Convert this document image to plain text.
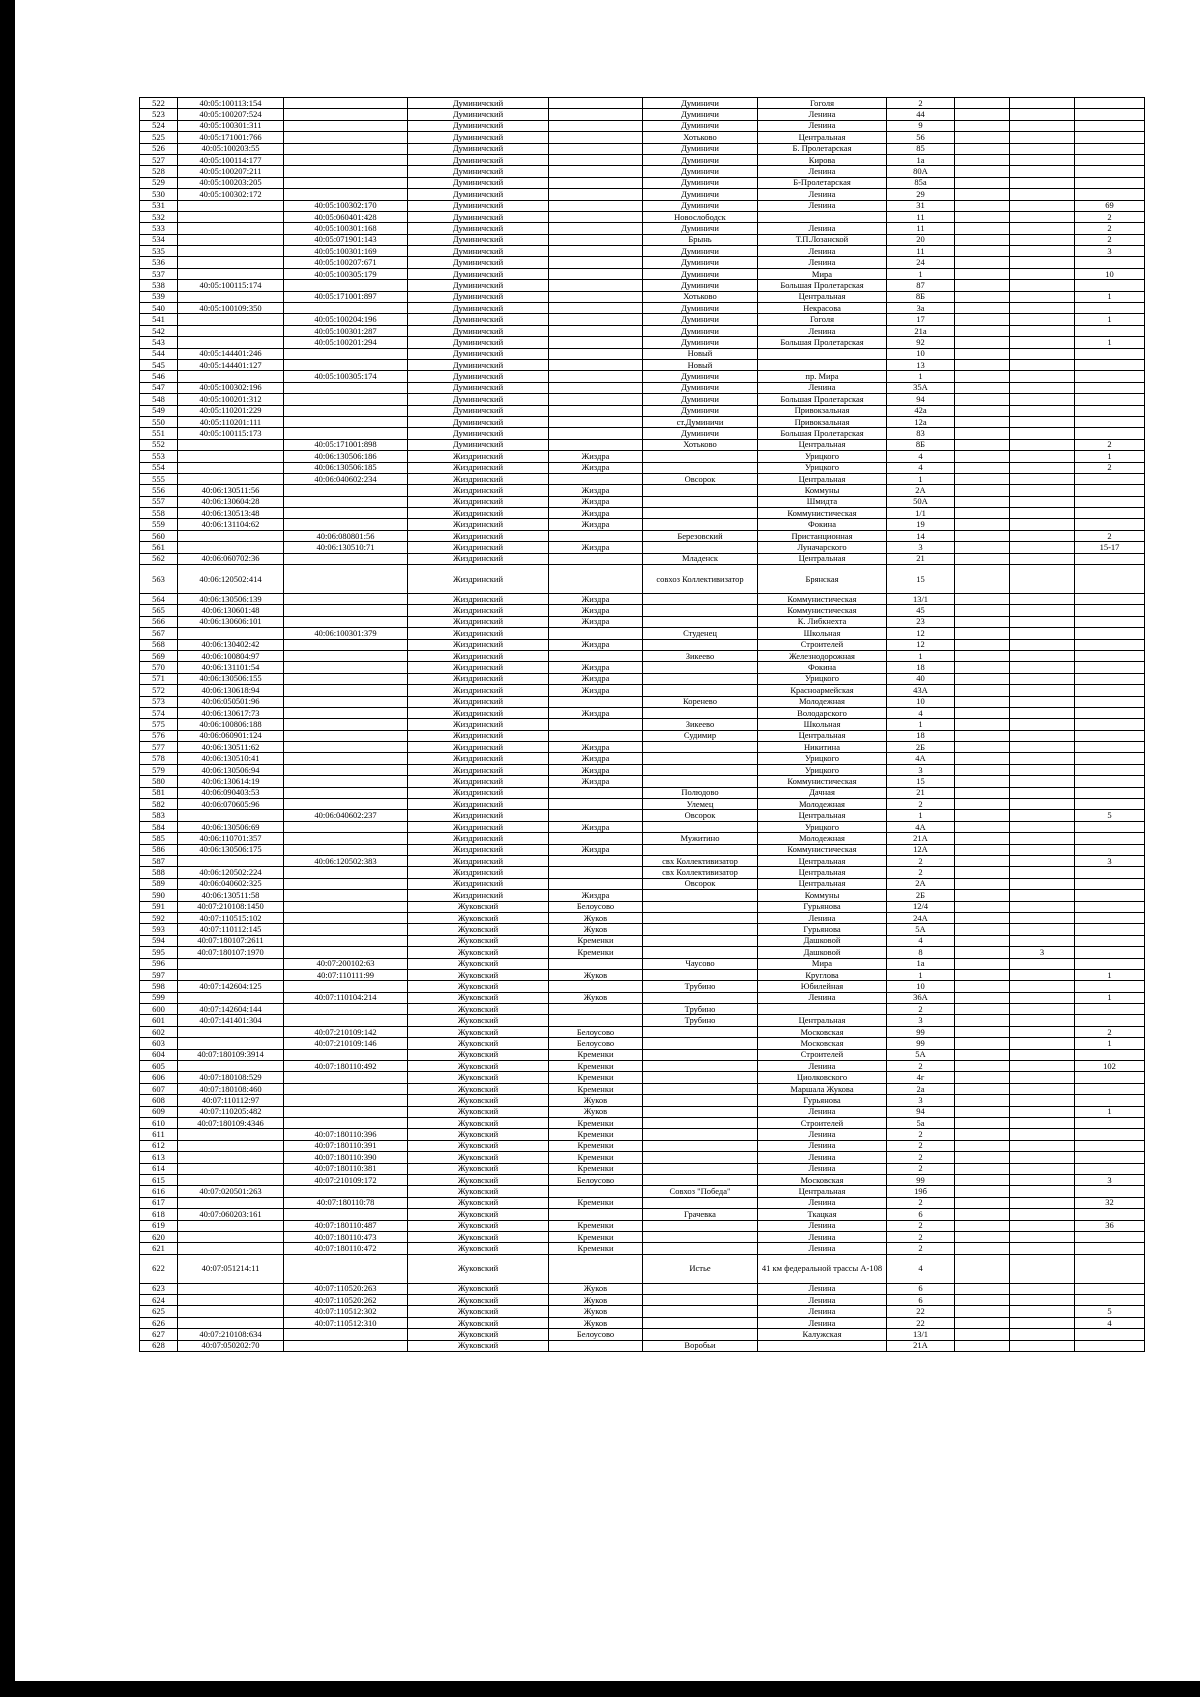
522	40:05:100113:154		Думиничский		Думиничи	Гоголя	2			
523	40:05:100207:524		Думиничский		Думиничи	Ленина	44			
524	40:05:100301:311		Думиничский		Думиничи	Ленина	9			
525	40:05:171001:766		Думиничский		Хотьково	Центральная	56			
526	40:05:100203:55		Думиничский		Думиничи	Б. Пролетарская	85			
527	40:05:100114:177		Думиничский		Думиничи	Кирова	1а			
528	40:05:100207:211		Думиничский		Думиничи	Ленина	80А			
529	40:05:100203:205		Думиничский		Думиничи	Б-Пролетарская	85а			
530	40:05:100302:172		Думиничский		Думиничи	Ленина	29			
531		40:05:100302:170	Думиничский		Думиничи	Ленина	31			69
532		40:05:060401:428	Думиничский		Новослободск		11			2
533		40:05:100301:168	Думиничский		Думиничи	Ленина	11			2
534		40:05:071901:143	Думиничский		Брынь	Т.П.Лозанской	20			2
535		40:05:100301:169	Думиничский		Думиничи	Ленина	11			3
536		40:05:100207:671	Думиничский		Думиничи	Ленина	24			
537		40:05:100305:179	Думиничский		Думиничи	Мира	1			10
538	40:05:100115:174		Думиничский		Думиничи	Большая Пролетарская	87			
539		40:05:171001:897	Думиничский		Хотьково	Центральная	8Б			1
540	40:05:100109:350		Думиничский		Думиничи	Некрасова	3а			
541		40:05:100204:196	Думиничский		Думиничи	Гоголя	17			1
542		40:05:100301:287	Думиничский		Думиничи	Ленина	21а			
543		40:05:100201:294	Думиничский		Думиничи	Большая Пролетарская	92			1
544	40:05:144401:246		Думиничский		Новый		10			
545	40:05:144401:127		Думиничский		Новый		13			
546		40:05:100305:174	Думиничский		Думиничи	пр. Мира	1			
547	40:05:100302:196		Думиничский		Думиничи	Ленина	35А			
548	40:05:100201:312		Думиничский		Думиничи	Большая Пролетарская	94			
549	40:05:110201:229		Думиничский		Думиничи	Привокзальная	42а			
550	40:05:110201:111		Думиничский		ст.Думиничи	Привокзальная	12а			
551	40:05:100115:173		Думиничский		Думиничи	Большая Пролетарская	83			
552		40:05:171001:898	Думиничский		Хотьково	Центральная	8Б			2
553		40:06:130506:186	Жиздринский	Жиздра		Урицкого	4			1
554		40:06:130506:185	Жиздринский	Жиздра		Урицкого	4			2
555		40:06:040602:234	Жиздринский		Овсорок	Центральная	1			
556	40:06:130511:56		Жиздринский	Жиздра		Коммуны	2А			
557	40:06:130604:28		Жиздринский	Жиздра		Шмидта	50А			
558	40:06:130513:48		Жиздринский	Жиздра		Коммунистическая	1/1			
559	40:06:131104:62		Жиздринский	Жиздра		Фокина	19			
560		40:06:080801:56	Жиздринский		Березовский	Пристанционная	14			2
561		40:06:130510:71	Жиздринский	Жиздра		Луначарского	3			15-17
562	40:06:060702:36		Жиздринский		Младенск	Центральная	21			
563	40:06:120502:414		Жиздринский		совхоз Коллективизатор	Брянская	15			
564	40:06:130506:139		Жиздринский	Жиздра		Коммунистическая	13/1			
565	40:06:130601:48		Жиздринский	Жиздра		Коммунистическая	45			
566	40:06:130606:101		Жиздринский	Жиздра		К. Либкнехта	23			
567		40:06:100301:379	Жиздринский		Студенец	Школьная	12			
568	40:06:130402:42		Жиздринский	Жиздра		Строителей	12			
569	40:06:100804:97		Жиздринский		Зикеево	Железнодорожная	1			
570	40:06:131101:54		Жиздринский	Жиздра		Фокина	18			
571	40:06:130506:155		Жиздринский	Жиздра		Урицкого	40			
572	40:06:130618:94		Жиздринский	Жиздра		Красноармейская	43А			
573	40:06:050501:96		Жиздринский		Коренево	Молодежная	10			
574	40:06:130617:73		Жиздринский	Жиздра		Володарского	4			
575	40:06:100806:188		Жиздринский		Зикеево	Школьная	1			
576	40:06:060901:124		Жиздринский		Судимир	Центральная	18			
577	40:06:130511:62		Жиздринский	Жиздра		Никитина	2Б			
578	40:06:130510:41		Жиздринский	Жиздра		Урицкого	4А			
579	40:06:130506:94		Жиздринский	Жиздра		Урицкого	3			
580	40:06:130614:19		Жиздринский	Жиздра		Коммунистическая	15			
581	40:06:090403:53		Жиздринский		Полюдово	Дачная	21			
582	40:06:070605:96		Жиздринский		Улемец	Молодежная	2			
583		40:06:040602:237	Жиздринский		Овсорок	Центральная	1			5
584	40:06:130506:69		Жиздринский	Жиздра		Урицкого	4А			
585	40:06:110701:357		Жиздринский		Мужитино	Молодежная	21А			
586	40:06:130506:175		Жиздринский	Жиздра		Коммунистическая	12А			
587		40:06:120502:383	Жиздринский		свх Коллективизатор	Центральная	2			3
588	40:06:120502:224		Жиздринский		свх Коллективизатор	Центральная	2			
589	40:06:040602:325		Жиздринский		Овсорок	Центральная	2А			
590	40:06:130511:58		Жиздринский	Жиздра		Коммуны	2Б			
591	40:07:210108:1450		Жуковский	Белоусово		Гурьянова	12/4			
592	40:07:110515:102		Жуковский	Жуков		Ленина	24А			
593	40:07:110112:145		Жуковский	Жуков		Гурьянова	5А			
594	40:07:180107:2611		Жуковский	Кременки		Дашковой	4			
595	40:07:180107:1970		Жуковский	Кременки		Дашковой	8		3	
596		40:07:200102:63	Жуковский		Чаусово	Мира	1а			
597		40:07:110111:99	Жуковский	Жуков		Круглова	1			1
598	40:07:142604:125		Жуковский		Трубино	Юбилейная	10			
599		40:07:110104:214	Жуковский	Жуков		Ленина	36А			1
600	40:07:142604:144		Жуковский		Трубино		2			
601	40:07:141401:304		Жуковский		Трубино	Центральная	3			
602		40:07:210109:142	Жуковский	Белоусово		Московская	99			2
603		40:07:210109:146	Жуковский	Белоусово		Московская	99			1
604	40:07:180109:3914		Жуковский	Кременки		Строителей	5А			
605		40:07:180110:492	Жуковский	Кременки		Ленина	2			102
606	40:07:180108:529		Жуковский	Кременки		Циолковского	4г			
607	40:07:180108:460		Жуковский	Кременки		Маршала Жукова	2а			
608	40:07:110112:97		Жуковский	Жуков		Гурьянова	3			
609	40:07:110205:482		Жуковский	Жуков		Ленина	94			1
610	40:07:180109:4346		Жуковский	Кременки		Строителей	5а			
611		40:07:180110:396	Жуковский	Кременки		Ленина	2			
612		40:07:180110:391	Жуковский	Кременки		Ленина	2			
613		40:07:180110:390	Жуковский	Кременки		Ленина	2			
614		40:07:180110:381	Жуковский	Кременки		Ленина	2			
615		40:07:210109:172	Жуковский	Белоусово		Московская	99			3
616	40:07:020501:263		Жуковский		Совхоз "Победа"	Центральная	19б			
617		40:07:180110:78	Жуковский	Кременки		Ленина	2			32
618	40:07:060203:161		Жуковский		Грачевка	Ткацкая	6			
619		40:07:180110:487	Жуковский	Кременки		Ленина	2			36
620		40:07:180110:473	Жуковский	Кременки		Ленина	2			
621		40:07:180110:472	Жуковский	Кременки		Ленина	2			
622	40:07:051214:11		Жуковский		Истье	41 км федеральной трассы А-108	4			
623		40:07:110520:263	Жуковский	Жуков		Ленина	6			
624		40:07:110520:262	Жуковский	Жуков		Ленина	6			
625		40:07:110512:302	Жуковский	Жуков		Ленина	22			5
626		40:07:110512:310	Жуковский	Жуков		Ленина	22			4
627	40:07:210108:634		Жуковский	Белоусово		Калужская	13/1			
628	40:07:050202:70		Жуковский		Воробьи		21А			
